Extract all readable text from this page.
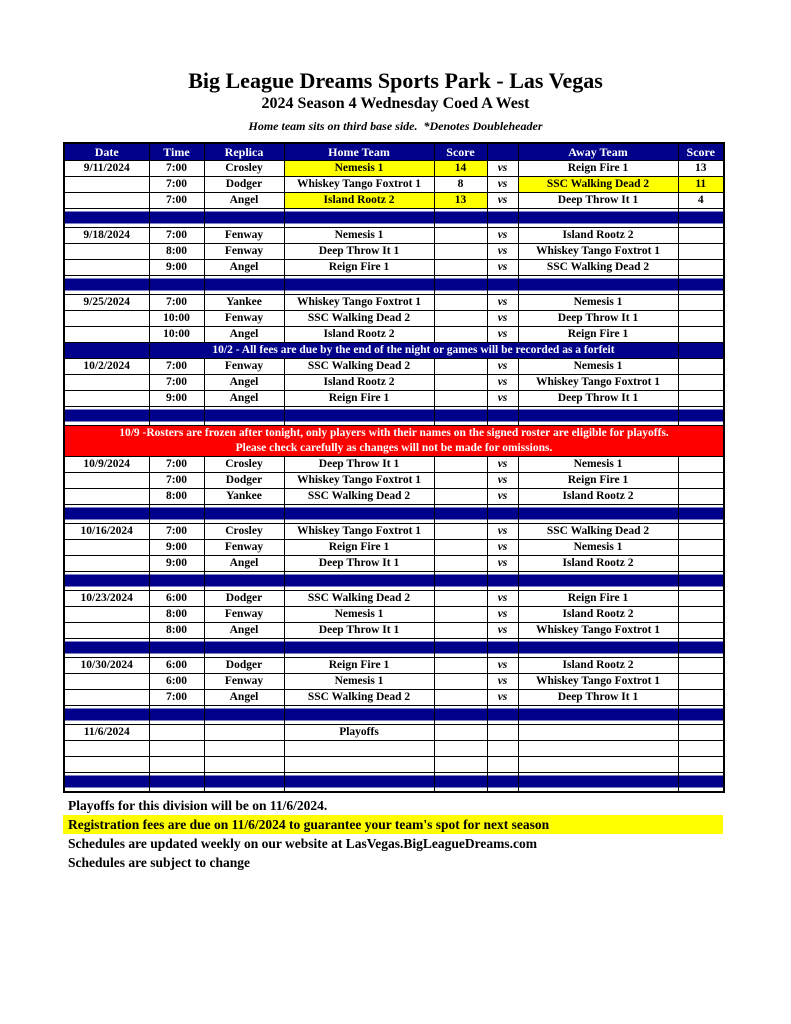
Big League Dreams Sports Park - Las Vegas
2024 Season 4 Wednesday Coed A West
Home team sits on third base side.  *Denotes Doubleheader
Date	Time	Replica	Home Team	Score		Away Team	Score
9/11/2024	7:00	Crosley	Nemesis 1	14	vs	Reign Fire 1	13
	7:00	Dodger	Whiskey Tango Foxtrot 1	8	vs	SSC Walking Dead 2	11
	7:00	Angel	Island Rootz 2	13	vs	Deep Throw It 1	4

9/18/2024	7:00	Fenway	Nemesis 1		vs	Island Rootz 2	
	8:00	Fenway	Deep Throw It 1		vs	Whiskey Tango Foxtrot 1	
	9:00	Angel	Reign Fire 1		vs	SSC Walking Dead 2	

9/25/2024	7:00	Yankee	Whiskey Tango Foxtrot 1		vs	Nemesis 1	
	10:00	Fenway	SSC Walking Dead 2		vs	Deep Throw It 1	
	10:00	Angel	Island Rootz 2		vs	Reign Fire 1	
	10/2 - All fees are due by the end of the night or games will be recorded as a forfeit						
10/2/2024	7:00	Fenway	SSC Walking Dead 2		vs	Nemesis 1	
	7:00	Angel	Island Rootz 2		vs	Whiskey Tango Foxtrot 1	
	9:00	Angel	Reign Fire 1		vs	Deep Throw It 1	

10/9 -Rosters are frozen after tonight, only players with their names on the signed roster are eligible for playoffs.
Please check carefully as changes will not be made for omissions.							

10/9/2024	7:00	Crosley	Deep Throw It 1		vs	Nemesis 1	
	7:00	Dodger	Whiskey Tango Foxtrot 1		vs	Reign Fire 1	
	8:00	Yankee	SSC Walking Dead 2		vs	Island Rootz 2	

10/16/2024	7:00	Crosley	Whiskey Tango Foxtrot 1		vs	SSC Walking Dead 2	
	9:00	Fenway	Reign Fire 1		vs	Nemesis 1	
	9:00	Angel	Deep Throw It 1		vs	Island Rootz 2	

10/23/2024	6:00	Dodger	SSC Walking Dead 2		vs	Reign Fire 1	
	8:00	Fenway	Nemesis 1		vs	Island Rootz 2	
	8:00	Angel	Deep Throw It 1		vs	Whiskey Tango Foxtrot 1	

10/30/2024	6:00	Dodger	Reign Fire 1		vs	Island Rootz 2	
	6:00	Fenway	Nemesis 1		vs	Whiskey Tango Foxtrot 1	
	7:00	Angel	SSC Walking Dead 2		vs	Deep Throw It 1	

11/6/2024			Playoffs				

Playoffs for this division will be on 11/6/2024.
Registration fees are due on 11/6/2024 to guarantee your team's spot for next season
Schedules are updated weekly on our website at LasVegas.BigLeagueDreams.com
Schedules are subject to change
